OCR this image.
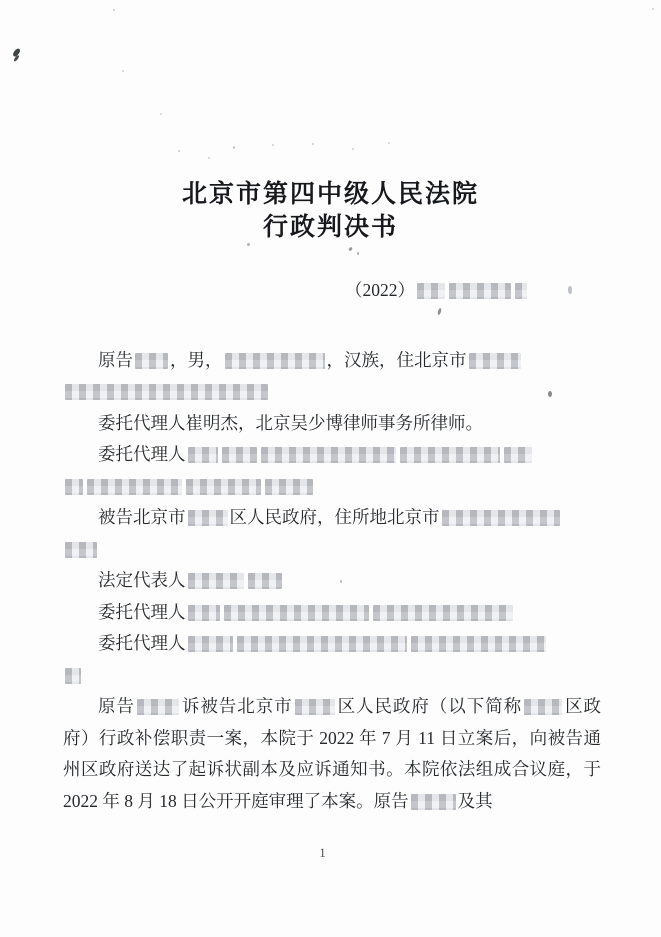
北京市第四中级人民法院
行政判决书
（2022）

原告 ，男，	，汉族，住北京市

委托代理人崔明杰，北京吴少博律师事务所律师。

委托代理人

被告北京市	区人民政府，住所地北京市

法定代表人

委托代理人

委托代理人

原告	诉被告北京市	区人民政府（以下简称 区政府）行政补偿职责一案，本院于 2022 年 7 月 11 日立案后，向被告通州区政府送达了起诉状副本及应诉通知书。本院依法组成合议庭，于 2022 年 8 月 18 日公开开庭审理了本案。原告	及其

1
